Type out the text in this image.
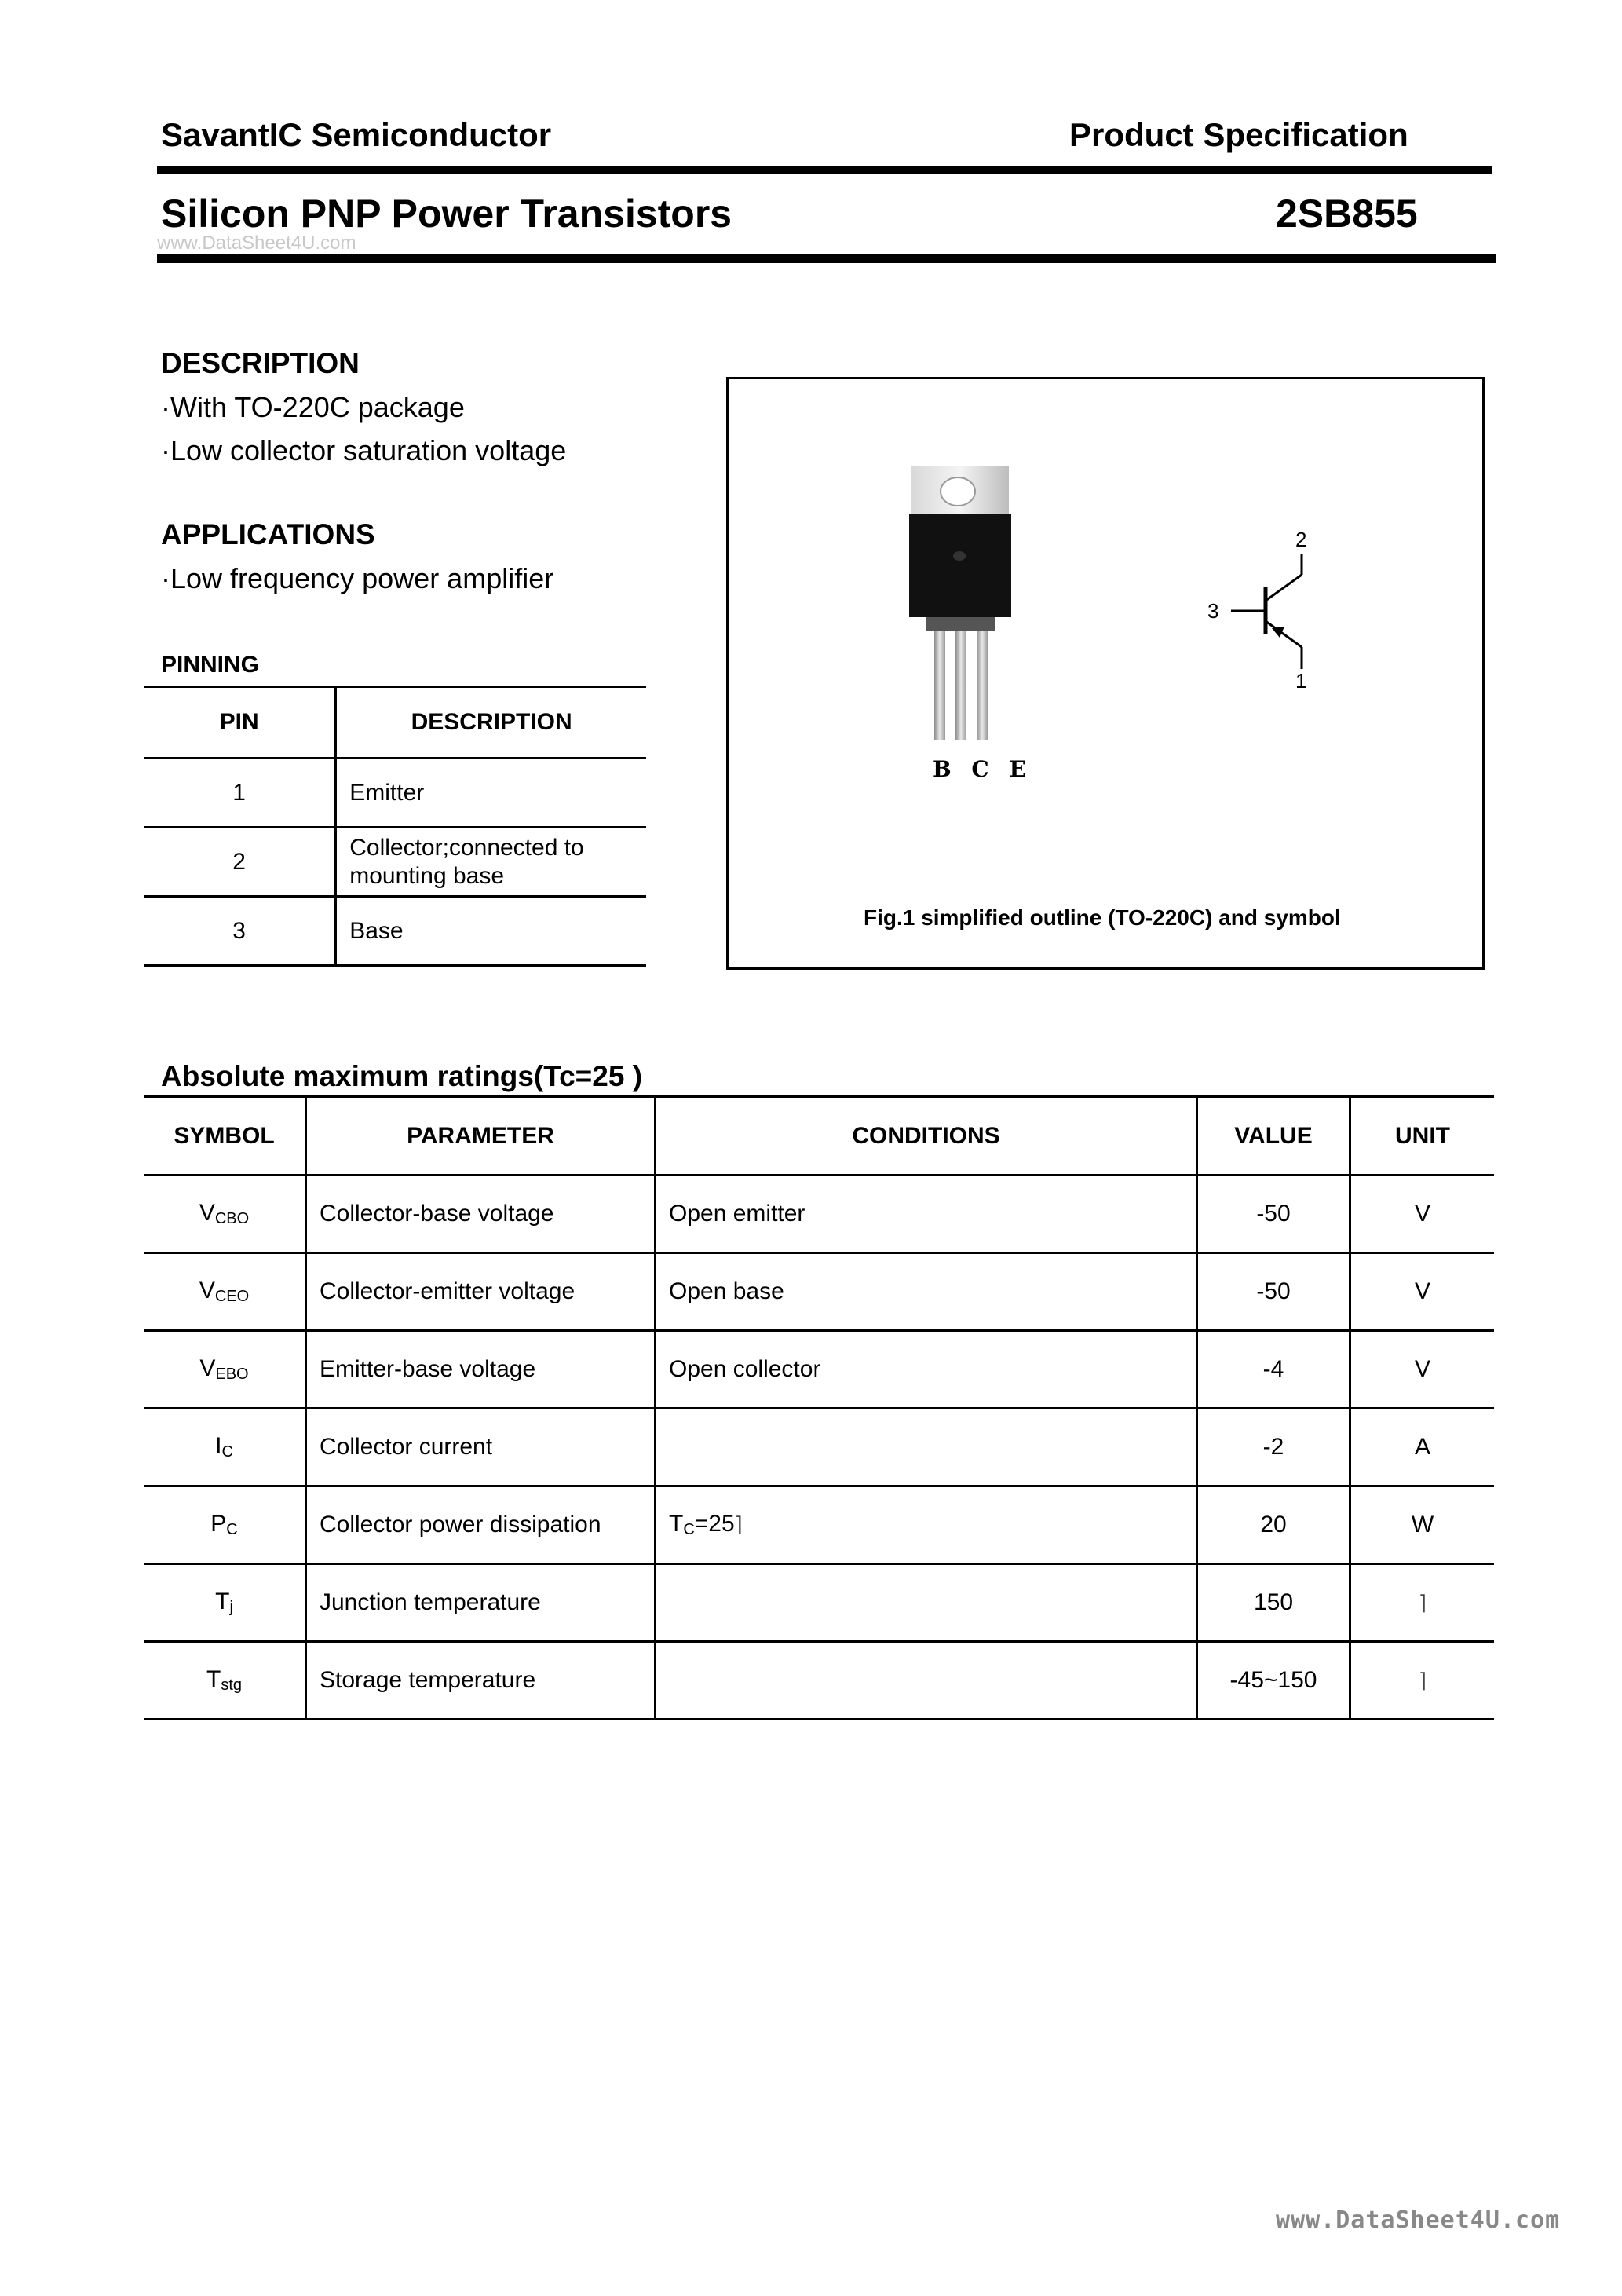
SavantIC Semiconductor	Product Specification
Silicon PNP Power Transistors	2SB855
www.DataSheet4U.com
DESCRIPTION
·With TO-220C package
·Low collector saturation voltage
APPLICATIONS
·Low frequency power amplifier
PINNING
PIN	DESCRIPTION
1	Emitter
2	Collector;connected to mounting base
3	Base
B C E
2
3
1
Fig.1 simplified outline (TO-220C) and symbol
Absolute maximum ratings(Tc=25 )
SYMBOL	PARAMETER	CONDITIONS	VALUE	UNIT
$V_{CBO}$	Collector-base voltage	Open emitter	-50	V
$V_{CEO}$	Collector-emitter voltage	Open base	-50	V
$V_{EBO}$	Emitter-base voltage	Open collector	-4	V
$I_C$	Collector current		-2	A
$P_C$	Collector power dissipation	$T_C=25⌉$	20	W
$T_j$	Junction temperature		150	⌉
$T_{stg}$	Storage temperature		-45~150	⌉
www.DataSheet4U.com
